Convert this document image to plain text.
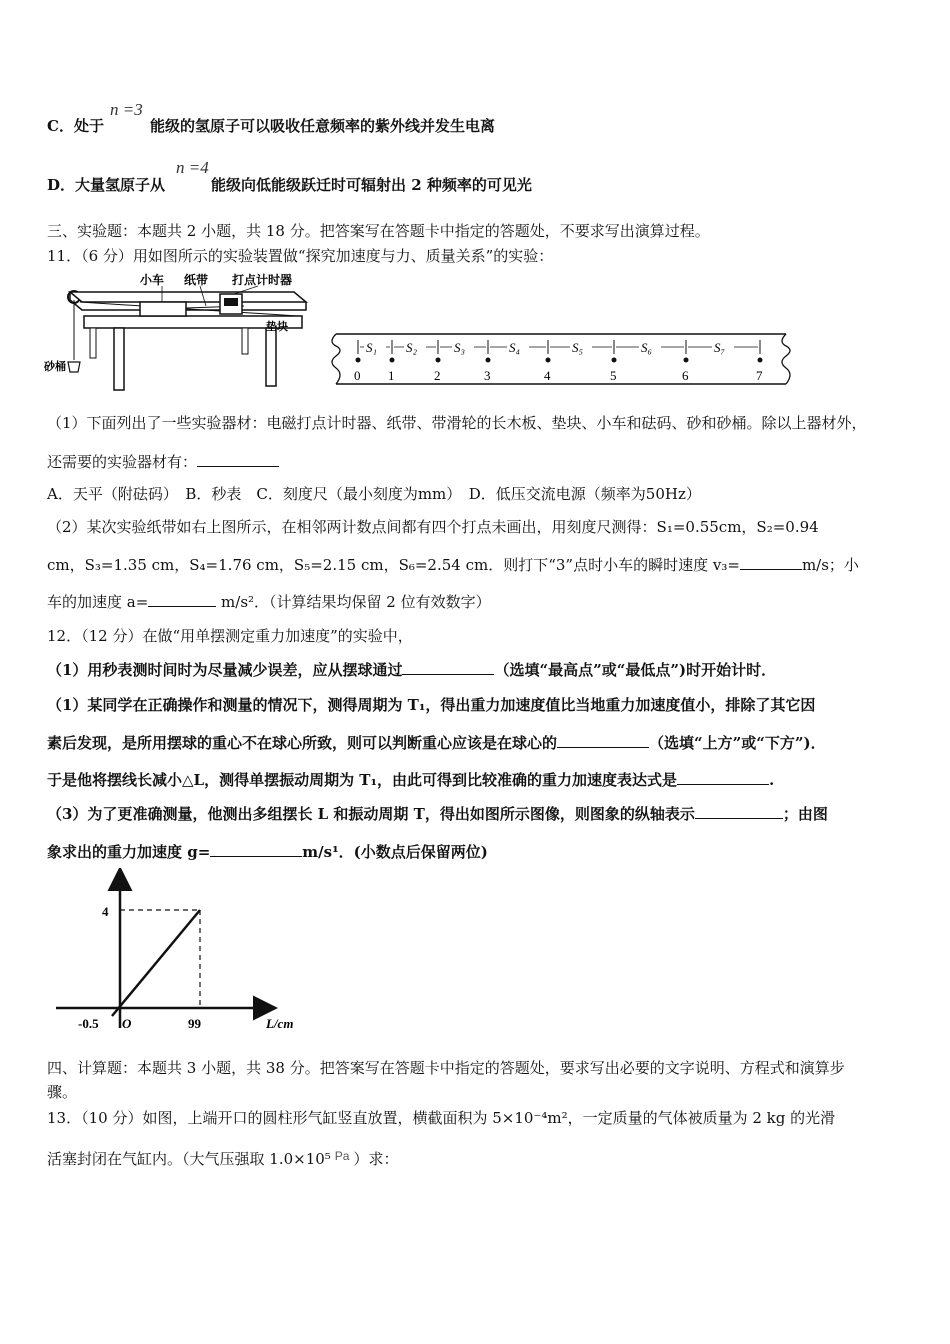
C．处于	能级的氢原子可以吸收任意频率的紫外线并发生电离
n =3
D．大量氢原子从	能级向低能级跃迁时可辐射出 2 种频率的可见光
n =4
三、实验题：本题共 2 小题，共 18 分。把答案写在答题卡中指定的答题处，不要求写出演算过程。
11．（6 分）用如图所示的实验装置做“探究加速度与力、质量关系”的实验：
小车 纸带 打点计时器
垫块
砂桶
0 1	2	3	4	5	6	7
S₁ S₂	S₃	S₄	S₅	S₆	S₇
（1）下面列出了一些实验器材：电磁打点计时器、纸带、带滑轮的长木板、垫块、小车和砝码、砂和砂桶。除以上器材外，
还需要的实验器材有：
A．天平（附砝码）　B．秒表　C．刻度尺（最小刻度为mm）　D．低压交流电源（频率为50Hz）
（2）某次实验纸带如右上图所示，在相邻两计数点间都有四个打点未画出，用刻度尺测得：S₁=0.55cm，S₂=0.94
cm，S₃=1.35 cm，S₄=1.76 cm，S₅=2.15 cm，S₆=2.54 cm．则打下“3”点时小车的瞬时速度 v₃=	m/s；小
车的加速度 a=	m/s²．（计算结果均保留 2 位有效数字）
12．（12 分）在做“用单摆测定重力加速度”的实验中，
（1）用秒表测时间时为尽量减少误差，应从摆球通过	（选填“最高点”或“最低点”)时开始计时．
（1）某同学在正确操作和测量的情况下，测得周期为 T₁，得出重力加速度值比当地重力加速度值小，排除了其它因
素后发现，是所用摆球的重心不在球心所致，则可以判断重心应该是在球心的	（选填“上方”或“下方”)．
于是他将摆线长减小△L，测得单摆振动周期为 T₁，由此可得到比较准确的重力加速度表达式是	.
（3）为了更准确测量，他测出多组摆长 L 和振动周期 T，得出如图所示图像，则图象的纵轴表示	；由图
象求出的重力加速度 g=	m/s¹．(小数点后保留两位)
4
-0.5 O	99	L/cm
四、计算题：本题共 3 小题，共 38 分。把答案写在答题卡中指定的答题处，要求写出必要的文字说明、方程式和演算步
骤。
13．（10 分）如图，上端开口的圆柱形气缸竖直放置，横截面积为 5×10⁻⁴m²，一定质量的气体被质量为 2 kg 的光滑
活塞封闭在气缸内。（大气压强取 1.0×10⁵ $^{Pa}$ ）求：
